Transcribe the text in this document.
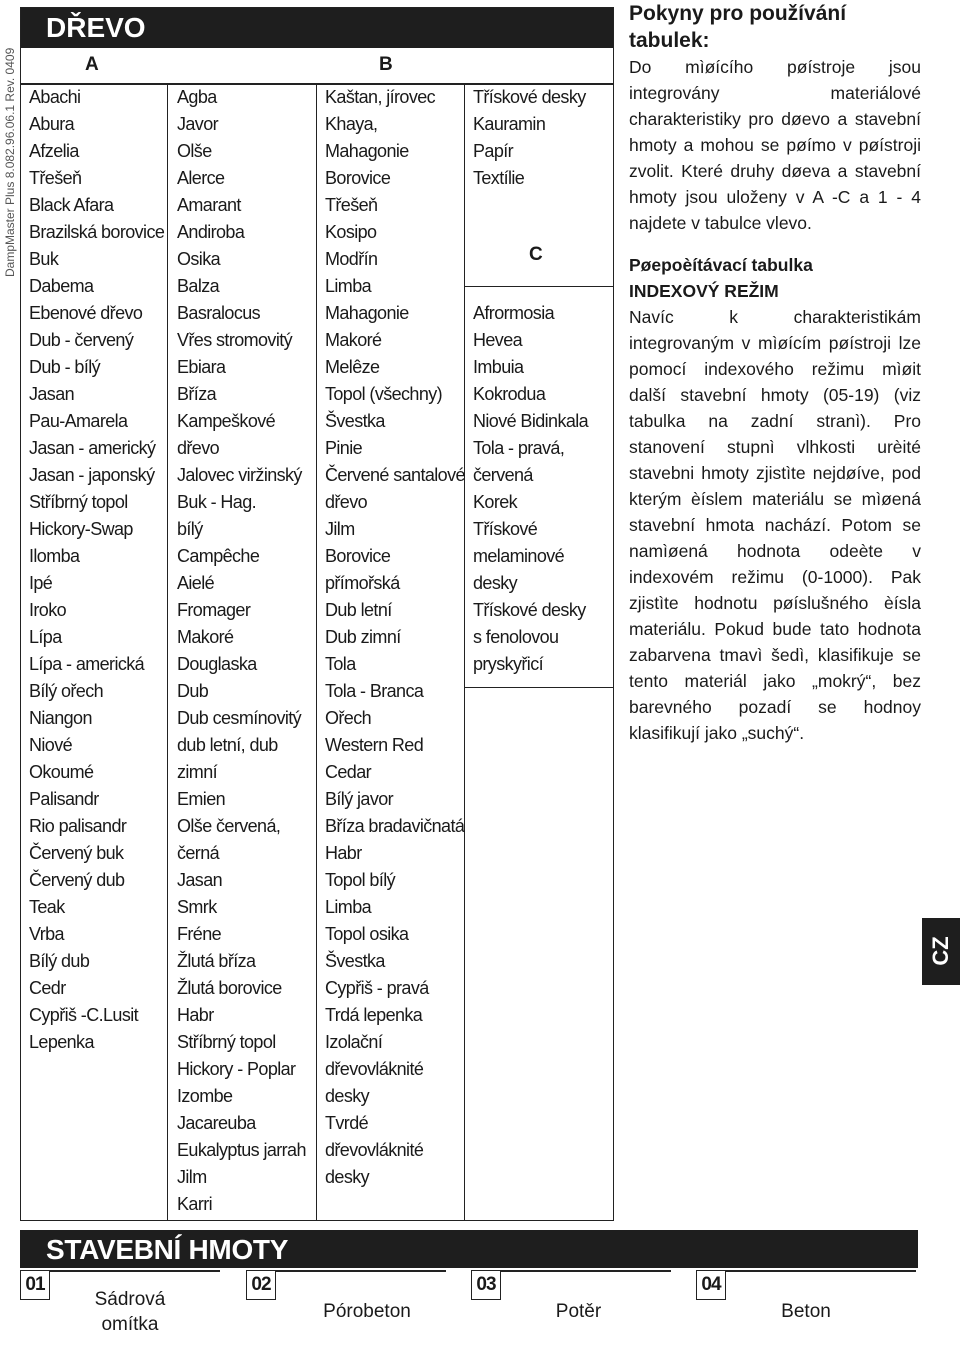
DampMaster Plus 8.082.96.06.1 Rev. 0409
DŘEVO
A	B
Abachi
Abura
Afzelia
Třešeň
Black Afara
Brazilská borovice
Buk
Dabema
Ebenové dřevo
Dub - červený
Dub - bílý
Jasan
Pau-Amarela
Jasan - americký
Jasan - japonský
Stříbrný topol
Hickory-Swap
Ilomba
Ipé
Iroko
Lípa
Lípa - americká
Bílý ořech
Niangon
Niové
Okoumé
Palisandr
Rio palisandr
Červený buk
Červený dub
Teak
Vrba
Bílý dub
Cedr
Cypřiš -C.Lusit
Lepenka
Agba
Javor
Olše
Alerce
Amarant
Andiroba
Osika
Balza
Basralocus
Vřes stromovitý
Ebiara
Bříza
Kampeškové
dřevo
Jalovec viržinský
Buk - Hag.
bílý
Campêche
Aielé
Fromager
Makoré
Douglaska
Dub
Dub cesmínovitý
dub letní, dub
zimní
Emien
Olše červená,
černá
Jasan
Smrk
Fréne
Žlutá bříza
Žlutá borovice
Habr
Stříbrný topol
Hickory - Poplar
Izombe
Jacareuba
Eukalyptus jarrah
Jilm
Karri
Kaštan, jírovec
Khaya,
Mahagonie
Borovice
Třešeň
Kosipo
Modřín
Limba
Mahagonie
Makoré
Melêze
Topol (všechny)
Švestka
Pinie
Červené santalové
dřevo
Jilm
Borovice
přímořská
Dub letní
Dub zimní
Tola
Tola - Branca
Ořech
Western Red
Cedar
Bílý javor
Bříza bradavičnatá
Habr
Topol bílý
Limba
Topol osika
Švestka
Cypřiš - pravá
Trdá lepenka
Izolační
dřevovláknité
desky
Tvrdé
dřevovláknité
desky
Třískové desky
Kauramin
Papír
Textílie
C
Afrormosia
Hevea
Imbuia
Kokrodua
Niové Bidinkala
Tola - pravá,
červená
Korek
Třískové
melaminové
desky
Třískové desky
s fenolovou
pryskyřicí
Pokyny pro používání tabulek:

Do mìøícího pøístroje jsou integrovány materiálové charakteristiky pro døevo a stavební hmoty a mohou se pøímo v pøístroji zvolit. Které druhy døeva a stavební hmoty jsou uloženy v A -C a 1 - 4 najdete v tabulce vlevo.

Pøepoèítávací tabulka
INDEXOVÝ REŽIM

Navíc k charakteristikám integrovaným v mìøícím pøístroji lze pomocí indexového režimu mìøit další stavební hmoty (05-19) (viz tabulka na zadní stranì). Pro stanovení stupnì vlhkosti urèité stavebni hmoty zjistìte nejdøíve, pod kterým èíslem materiálu se mìøená stavební hmota nachází. Potom se namìøená hodnota odeète v indexovém režimu (0-1000). Pak zjistìte hodnotu pøíslušného èísla materiálu. Pokud bude tato hodnota zabarvena tmavì šedì, klasifikuje se tento materiál jako „mokrý“, bez barevného pozadí se hodnoy klasifikují jako „suchý“.

CZ
STAVEBNÍ HMOTY
01
Sádrová omítka
02
Pórobeton
03
Potěr
04
Beton
